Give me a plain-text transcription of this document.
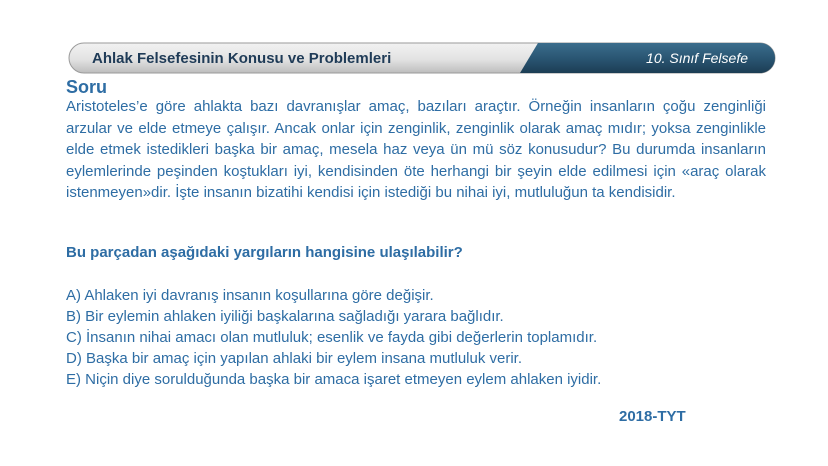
Ahlak Felsefesinin Konusu ve Problemleri	10. Sınıf Felsefe
Soru

Aristoteles’e göre ahlakta bazı davranışlar amaç, bazıları araçtır. Örneğin insanların çoğu zenginliği arzular ve elde etmeye çalışır. Ancak onlar için zenginlik, zenginlik olarak amaç mıdır; yoksa zenginlikle elde etmek istedikleri başka bir amaç, mesela haz veya ün mü söz konusudur? Bu durumda insanların eylemlerinde peşinden koştukları iyi, kendisinden öte herhangi bir şeyin elde edilmesi için «araç olarak istenmeyen»dir. İşte insanın bizatihi kendisi için istediği bu nihai iyi, mutluluğun ta kendisidir.

Bu parçadan aşağıdaki yargıların hangisine ulaşılabilir?
A) Ahlaken iyi davranış insanın koşullarına göre değişir.
B) Bir eylemin ahlaken iyiliği başkalarına sağladığı yarara bağlıdır.
C) İnsanın nihai amacı olan mutluluk; esenlik ve fayda gibi değerlerin toplamıdır.
D) Başka bir amaç için yapılan ahlaki bir eylem insana mutluluk verir.
E) Niçin diye sorulduğunda başka bir amaca işaret etmeyen eylem ahlaken iyidir.
2018-TYT
